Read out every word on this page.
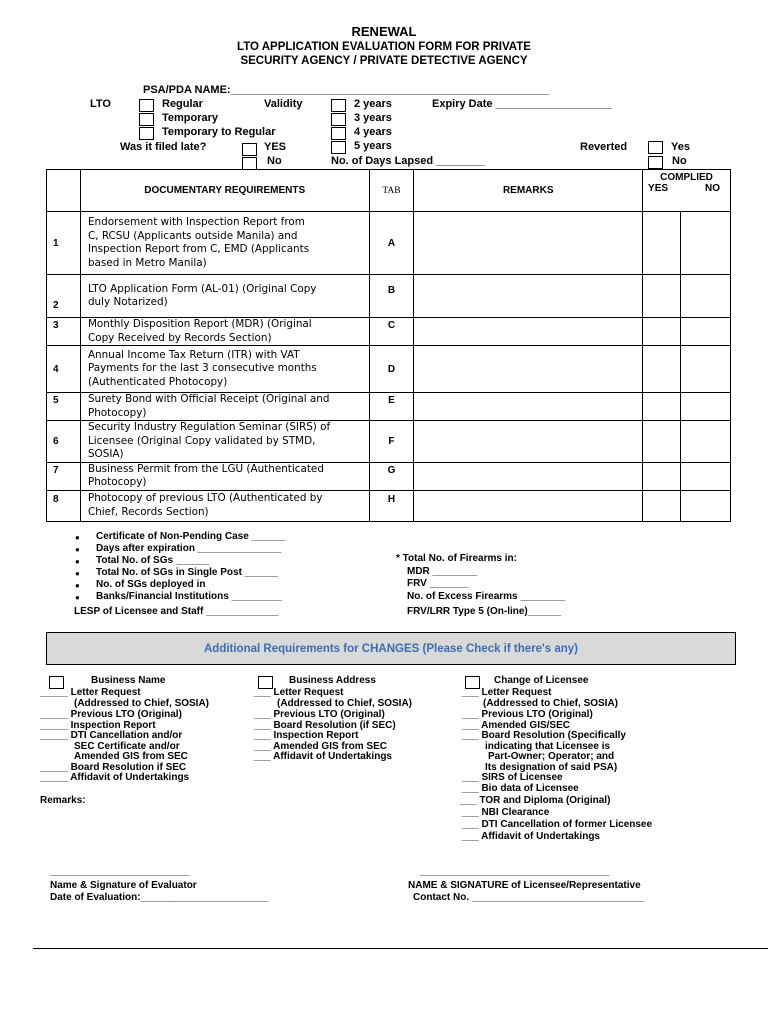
RENEWAL
LTO APPLICATION EVALUATION FORM FOR PRIVATE
SECURITY AGENCY / PRIVATE DETECTIVE AGENCY
PSA/PDA NAME:____________________________________________________
LTO	Regular
Temporary
Temporary to Regular
Validity	2 years
3 years
4 years
5 years
Expiry Date ___________________
Was it filed late?	YES
No	No. of Days Lapsed ________
Reverted	Yes
No
	DOCUMENTARY REQUIREMENTS	TAB	REMARKS	COMPLIED
YES NO	

1	Endorsement with Inspection Report from
C, RCSU (Applicants outside Manila) and
Inspection Report from C, EMD (Applicants
based in Metro Manila)	A			
2	LTO Application Form (AL-01) (Original Copy
duly Notarized)	B			
3	Monthly Disposition Report (MDR) (Original
Copy Received by Records Section)	C			
4	Annual Income Tax Return (ITR) with VAT
Payments for the last 3 consecutive months
(Authenticated Photocopy)	D			
5	Surety Bond with Official Receipt (Original and
Photocopy)	E			
6	Security Industry Regulation Seminar (SIRS) of
Licensee (Original Copy validated by STMD,
SOSIA)	F			
7	Business Permit from the LGU (Authenticated
Photocopy)	G			
8	Photocopy of previous LTO (Authenticated by
Chief, Records Section)	H			
● Certificate of Non-Pending Case ______
● Days after expiration _______________
● Total No. of SGs ______
● Total No. of SGs in Single Post ______
● No. of SGs deployed in
● Banks/Financial Institutions _________
LESP of Licensee and Staff _____________
* Total No. of Firearms in:
MDR ________
FRV _______
No. of Excess Firearms ________
FRV/LRR Type 5 (On-line)______
Additional Requirements for CHANGES (Please Check if there's any)
Business Name
_____ Letter Request
(Addressed to Chief, SOSIA)
_____ Previous LTO (Original)
_____ Inspection Report
_____ DTI Cancellation and/or
SEC Certificate and/or
Amended GIS from SEC
_____ Board Resolution if SEC
_____ Affidavit of Undertakings
Business Address
___ Letter Request
(Addressed to Chief, SOSIA)
___ Previous LTO (Original)
___ Board Resolution (if SEC)
___ Inspection Report
___ Amended GIS from SEC
___ Affidavit of Undertakings
Change of Licensee
___ Letter Request
(Addressed to Chief, SOSIA)
___ Previous LTO (Original)
___ Amended GIS/SEC
___ Board Resolution (Specifically
indicating that Licensee is
Part-Owner; Operator; and
Its designation of said PSA)
___ SIRS of Licensee
___ Bio data of Licensee
___ TOR and Diploma (Original)
___ NBI Clearance
___ DTI Cancellation of former Licensee
___ Affidavit of Undertakings
Remarks:
_________________________
Name & Signature of Evaluator
Date of Evaluation:_______________________
__________________________________
NAME & SIGNATURE of Licensee/Representative
Contact No. _______________________________
